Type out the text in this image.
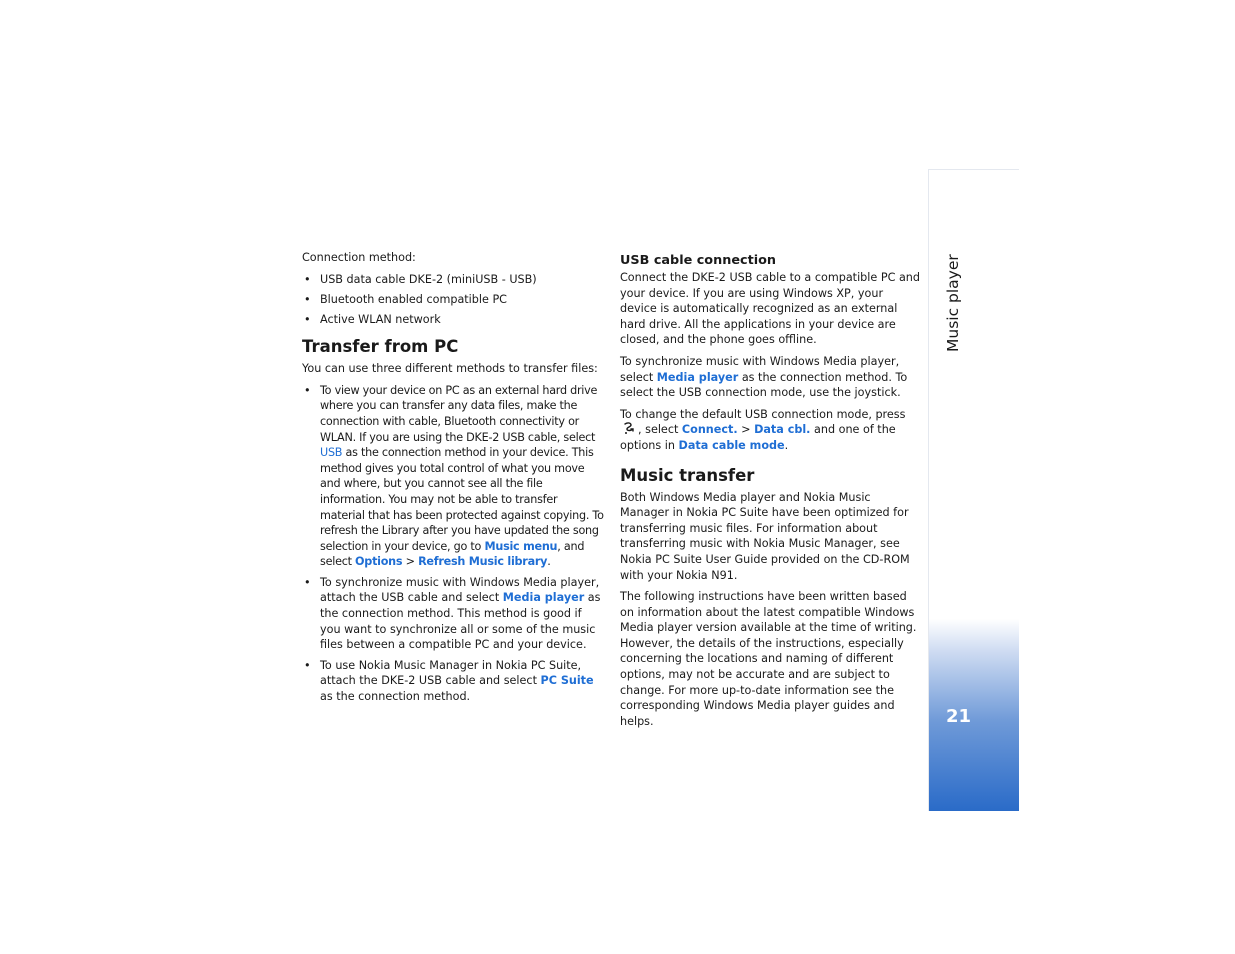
Connection method:

• USB data cable DKE-2 (miniUSB - USB)
• Bluetooth enabled compatible PC
• Active WLAN network
Transfer from PC

You can use three different methods to transfer files:

• To view your device on PC as an external hard drive where you can transfer any data files, make the connection with cable, Bluetooth connectivity or WLAN. If you are using the DKE-2 USB cable, select USB as the connection method in your device. This method gives you total control of what you move and where, but you cannot see all the file information. You may not be able to transfer material that has been protected against copying. To refresh the Library after you have updated the song selection in your device, go to Music menu, and select Options > Refresh Music library.
• To synchronize music with Windows Media player, attach the USB cable and select Media player as the connection method. This method is good if you want to synchronize all or some of the music files between a compatible PC and your device.
• To use Nokia Music Manager in Nokia PC Suite, attach the DKE-2 USB cable and select PC Suite as the connection method.
USB cable connection

Connect the DKE-2 USB cable to a compatible PC and your device. If you are using Windows XP, your device is automatically recognized as an external hard drive. All the applications in your device are closed, and the phone goes offline.

To synchronize music with Windows Media player, select Media player as the connection method. To select the USB connection mode, use the joystick.

To change the default USB connection mode, press , select Connect. > Data cbl. and one of the options in Data cable mode.

Music transfer

Both Windows Media player and Nokia Music Manager in Nokia PC Suite have been optimized for transferring music files. For information about transferring music with Nokia Music Manager, see Nokia PC Suite User Guide provided on the CD-ROM with your Nokia N91.

The following instructions have been written based on information about the latest compatible Windows Media player version available at the time of writing. However, the details of the instructions, especially concerning the locations and naming of different options, may not be accurate and are subject to change. For more up-to-date information see the corresponding Windows Media player guides and helps.

Music player
21
